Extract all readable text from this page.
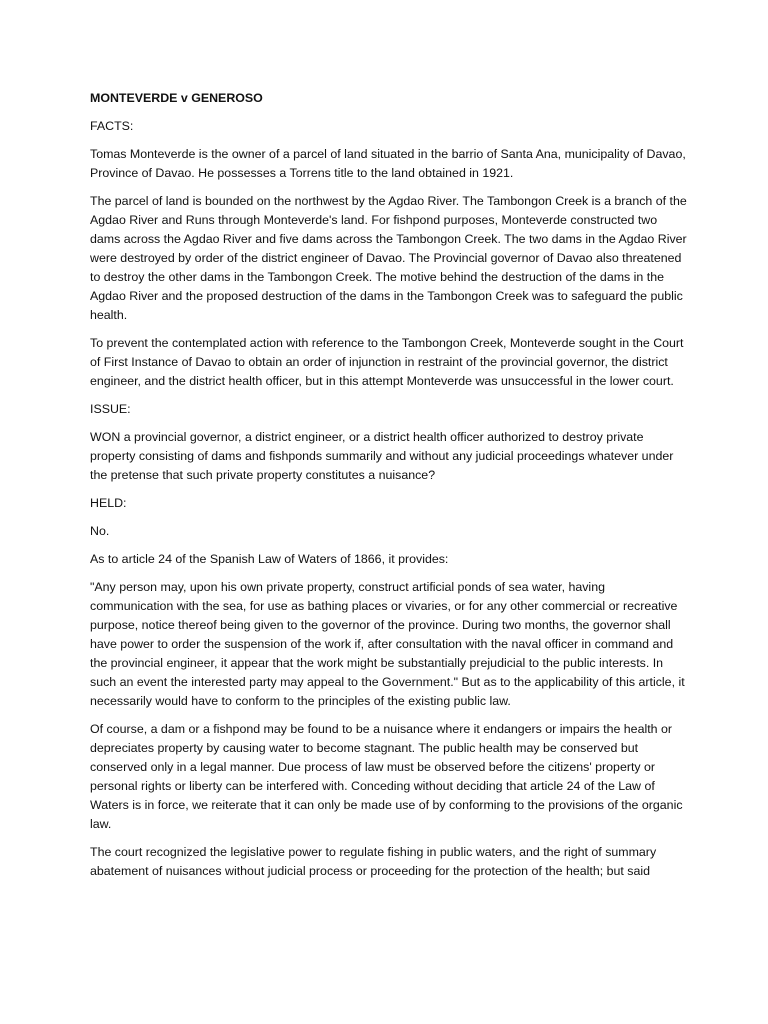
MONTEVERDE v GENEROSO

FACTS:

Tomas Monteverde is the owner of a parcel of land situated in the barrio of Santa Ana, municipality of Davao, Province of Davao. He possesses a Torrens title to the land obtained in 1921.

The parcel of land is bounded on the northwest by the Agdao River. The Tambongon Creek is a branch of the Agdao River and Runs through Monteverde's land. For fishpond purposes, Monteverde constructed two dams across the Agdao River and five dams across the Tambongon Creek. The two dams in the Agdao River were destroyed by order of the district engineer of Davao. The Provincial governor of Davao also threatened to destroy the other dams in the Tambongon Creek. The motive behind the destruction of the dams in the Agdao River and the proposed destruction of the dams in the Tambongon Creek was to safeguard the public health.

To prevent the contemplated action with reference to the Tambongon Creek, Monteverde sought in the Court of First Instance of Davao to obtain an order of injunction in restraint of the provincial governor, the district engineer, and the district health officer, but in this attempt Monteverde was unsuccessful in the lower court.

ISSUE:

WON a provincial governor, a district engineer, or a district health officer authorized to destroy private property consisting of dams and fishponds summarily and without any judicial proceedings whatever under the pretense that such private property constitutes a nuisance?

HELD:

No.

As to article 24 of the Spanish Law of Waters of 1866, it provides:

"Any person may, upon his own private property, construct artificial ponds of sea water, having communication with the sea, for use as bathing places or vivaries, or for any other commercial or recreative purpose, notice thereof being given to the governor of the province. During two months, the governor shall have power to order the suspension of the work if, after consultation with the naval officer in command and the provincial engineer, it appear that the work might be substantially prejudicial to the public interests. In such an event the interested party may appeal to the Government." But as to the applicability of this article, it necessarily would have to conform to the principles of the existing public law.

Of course, a dam or a fishpond may be found to be a nuisance where it endangers or impairs the health or depreciates property by causing water to become stagnant. The public health may be conserved but conserved only in a legal manner. Due process of law must be observed before the citizens' property or personal rights or liberty can be interfered with. Conceding without deciding that article 24 of the Law of Waters is in force, we reiterate that it can only be made use of by conforming to the provisions of the organic law.

The court recognized the legislative power to regulate fishing in public waters, and the right of summary abatement of nuisances without judicial process or proceeding for the protection of the health; but said
